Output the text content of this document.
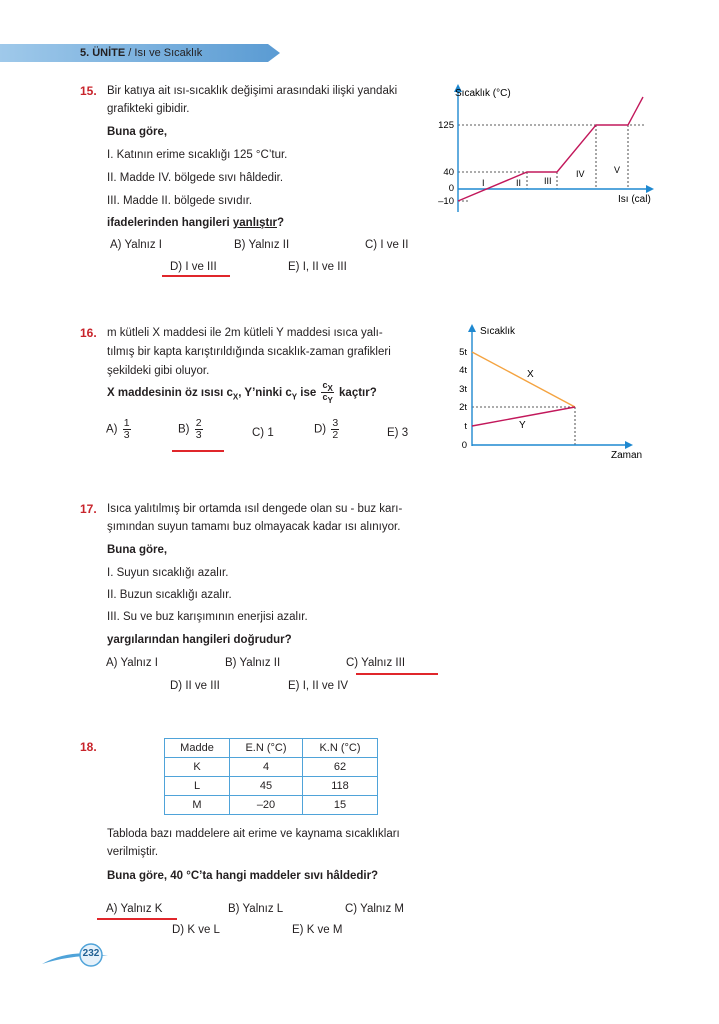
5. ÜNİTE / Isı ve Sıcaklık
15. Bir katıya ait ısı-sıcaklık değişimi arasındaki ilişki yandaki
grafikteki gibidir.
Buna göre,
I. Katının erime sıcaklığı 125 °C’tur.
II. Madde IV. bölgede sıvı hâldedir.
III. Madde II. bölgede sıvıdır.
ifadelerinden hangileri yanlıştır?
A) Yalnız I	B) Yalnız II	C) I ve II
D) I ve III	E) I, II ve III
Sıcaklık (°C)
Isı (cal)
125
40
0
–10
I	II	III
IV	V
16. m kütleli X maddesi ile 2m kütleli Y maddesi ısıca yalı-
tılmış bir kapta karıştırıldığında sıcaklık-zaman grafikleri
şekildeki gibi oluyor.
X maddesinin öz ısısı $c_X$, Y’ninki $c_Y$ ise $\frac{c_X}{c_Y}$ kaçtır?
$A) \frac{1}{3}$	$B) \frac{2}{3}$	C) 1	$D) \frac{3}{2}$	E) 3
Sıcaklık
Zaman
5t
4t
3t
2t
t
0
X
Y
17. Isıca yalıtılmış bir ortamda ısıl dengede olan su - buz karı-
şımından suyun tamamı buz olmayacak kadar ısı alınıyor.
Buna göre,
I. Suyun sıcaklığı azalır.
II. Buzun sıcaklığı azalır.
III. Su ve buz karışımının enerjisi azalır.
yargılarından hangileri doğrudur?
A) Yalnız I	B) Yalnız II	C) Yalnız III
D) II ve III	E) I, II ve IV
18.	Madde	E.N (°C)	K.N (°C)
K	4	62
L	45	118
M	–20	15
Tabloda bazı maddelere ait erime ve kaynama sıcaklıkları
verilmiştir.
Buna göre, 40 °C’ta hangi maddeler sıvı hâldedir?
A) Yalnız K	B) Yalnız L	C) Yalnız M
D) K ve L	E) K ve M
232
